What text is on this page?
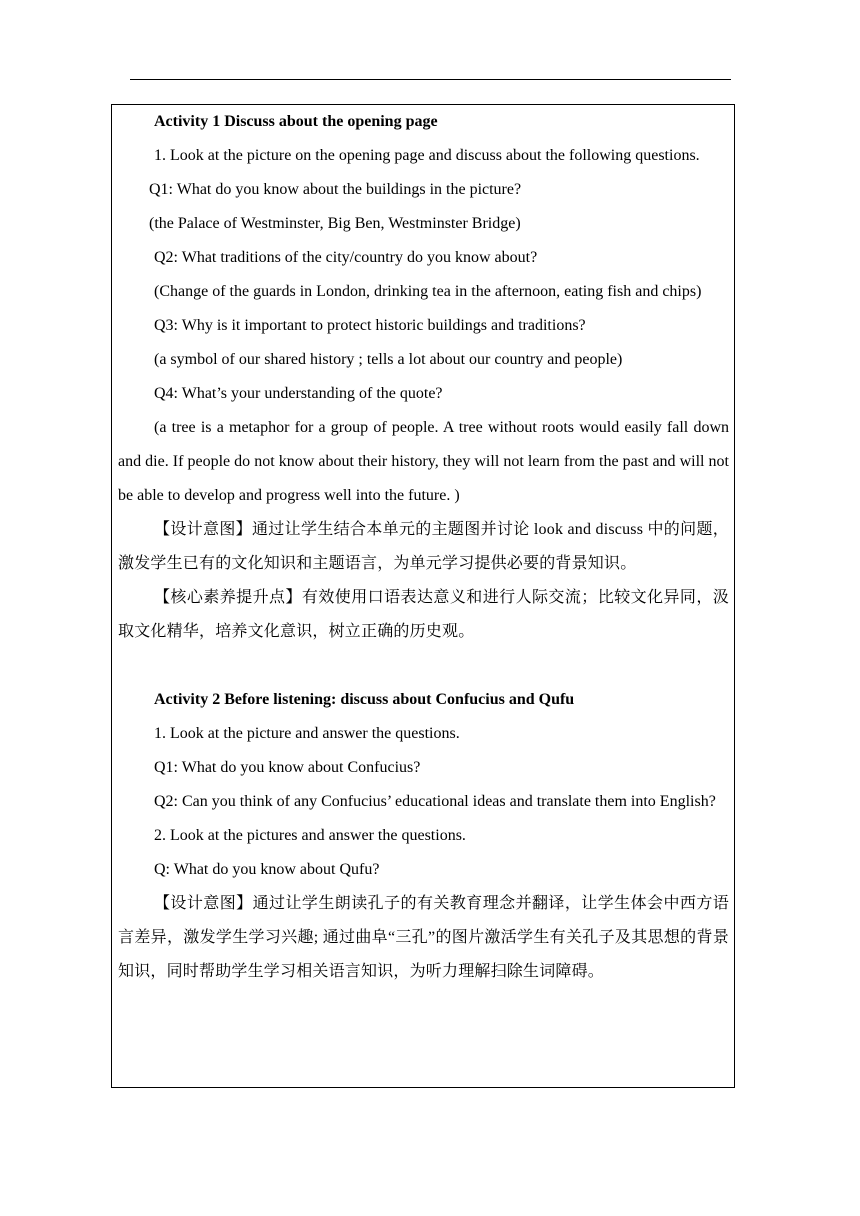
Activity 1 Discuss about the opening page

1. Look at the picture on the opening page and discuss about the following questions.

Q1: What do you know about the buildings in the picture?

(the Palace of Westminster, Big Ben, Westminster Bridge)

Q2: What traditions of the city/country do you know about?

(Change of the guards in London, drinking tea in the afternoon, eating fish and chips)

Q3: Why is it important to protect historic buildings and traditions?

(a symbol of our shared history ; tells a lot about our country and people)

Q4: What’s your understanding of the quote?

(a tree is a metaphor for a group of people. A tree without roots would easily fall down and die. If people do not know about their history, they will not learn from the past and will not be able to develop and progress well into the future. )

【设计意图】通过让学生结合本单元的主题图并讨论 look and discuss 中的问题，激发学生已有的文化知识和主题语言，为单元学习提供必要的背景知识。

【核心素养提升点】有效使用口语表达意义和进行人际交流；比较文化异同，汲取文化精华，培养文化意识，树立正确的历史观。

Activity 2 Before listening: discuss about Confucius and Qufu

1. Look at the picture and answer the questions.

Q1: What do you know about Confucius?

Q2: Can you think of any Confucius’ educational ideas and translate them into English?

2. Look at the pictures and answer the questions.

Q: What do you know about Qufu?

【设计意图】通过让学生朗读孔子的有关教育理念并翻译，让学生体会中西方语言差异，激发学生学习兴趣; 通过曲阜“三孔”的图片激活学生有关孔子及其思想的背景知识，同时帮助学生学习相关语言知识，为听力理解扫除生词障碍。
